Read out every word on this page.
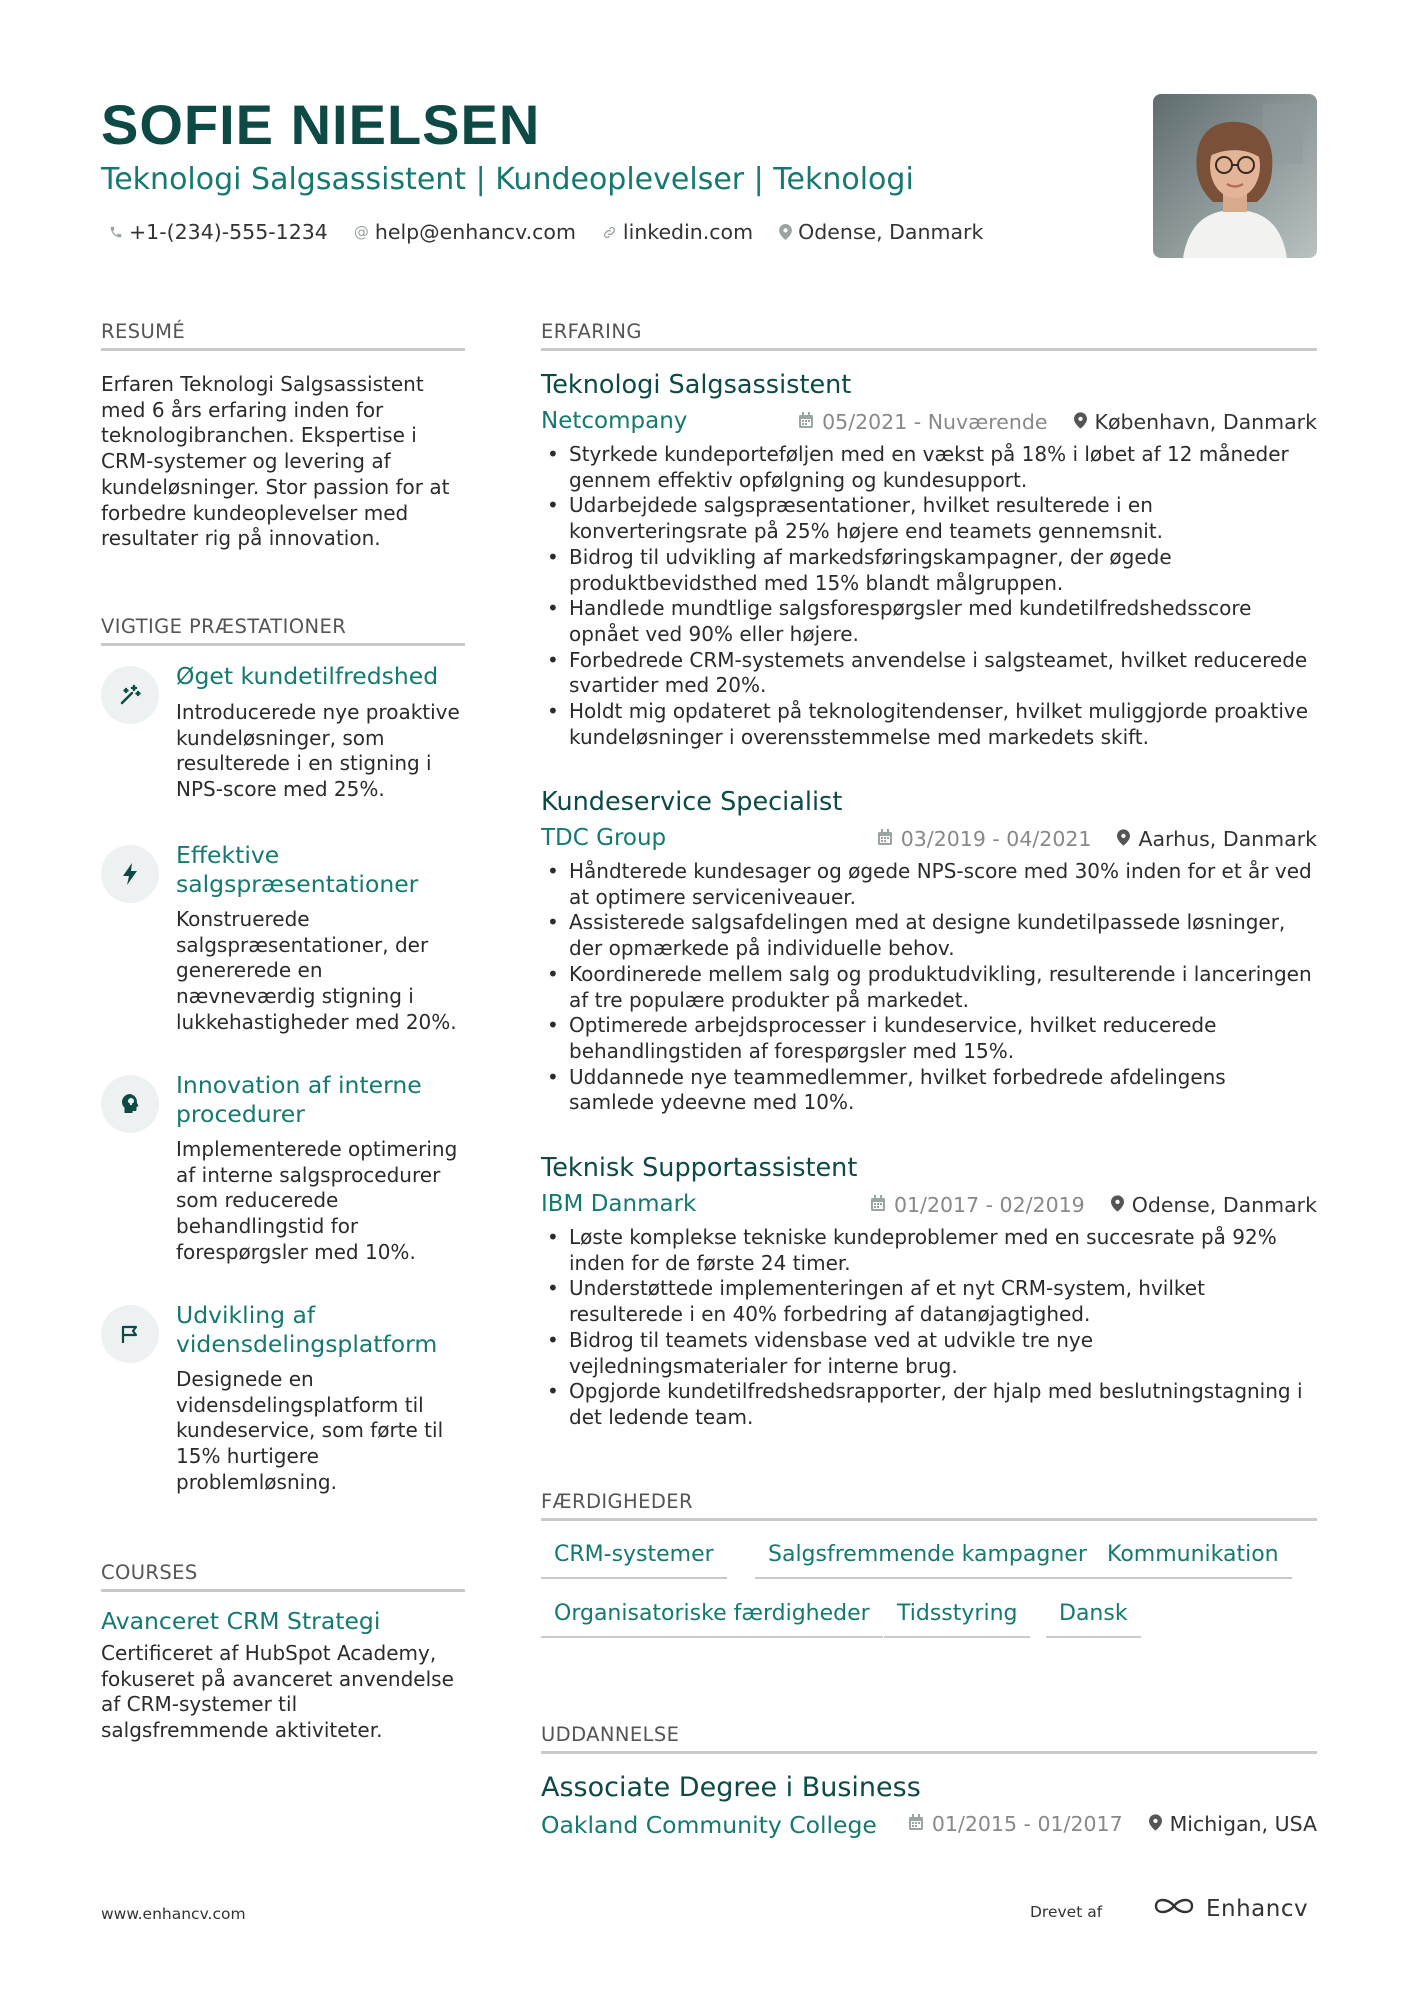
SOFIE NIELSEN
Teknologi Salgsassistent | Kundeoplevelser | Teknologi
+1-(234)-555-1234 @ help@enhancv.com linkedin.com Odense, Danmark
RESUMÉ
Erfaren Teknologi Salgsassistent med 6 års erfaring inden for teknologibranchen. Ekspertise i CRM-systemer og levering af kundeløsninger. Stor passion for at forbedre kundeoplevelser med resultater rig på innovation.
VIGTIGE PRÆSTATIONER
Øget kundetilfredshed
Introducerede nye proaktive kundeløsninger, som resulterede i en stigning i NPS-score med 25%.
Effektive salgspræsentationer
Konstruerede salgspræsentationer, der genererede en nævneværdig stigning i lukkehastigheder med 20%.
Innovation af interne procedurer
Implementerede optimering af interne salgsprocedurer som reducerede behandlingstid for forespørgsler med 10%.
Udvikling af vidensdelingsplatform
Designede en vidensdelingsplatform til kundeservice, som førte til 15% hurtigere problemløsning.
COURSES
Avanceret CRM Strategi
Certificeret af HubSpot Academy, fokuseret på avanceret anvendelse af CRM-systemer til salgsfremmende aktiviteter.
ERFARING
Teknologi Salgsassistent
Netcompany	05/2021 - Nuværende København, Danmark
• Styrkede kundeporteføljen med en vækst på 18% i løbet af 12 måneder gennem effektiv opfølgning og kundesupport.
• Udarbejdede salgspræsentationer, hvilket resulterede i en konverteringsrate på 25% højere end teamets gennemsnit.
• Bidrog til udvikling af markedsføringskampagner, der øgede produktbevidsthed med 15% blandt målgruppen.
• Handlede mundtlige salgsforespørgsler med kundetilfredshedsscore opnået ved 90% eller højere.
• Forbedrede CRM-systemets anvendelse i salgsteamet, hvilket reducerede svartider med 20%.
• Holdt mig opdateret på teknologitendenser, hvilket muliggjorde proaktive kundeløsninger i overensstemmelse med markedets skift.
Kundeservice Specialist
TDC Group	03/2019 - 04/2021 Aarhus, Danmark
• Håndterede kundesager og øgede NPS-score med 30% inden for et år ved at optimere serviceniveauer.
• Assisterede salgsafdelingen med at designe kundetilpassede løsninger, der opmærkede på individuelle behov.
• Koordinerede mellem salg og produktudvikling, resulterende i lanceringen af tre populære produkter på markedet.
• Optimerede arbejdsprocesser i kundeservice, hvilket reducerede behandlingstiden af forespørgsler med 15%.
• Uddannede nye teammedlemmer, hvilket forbedrede afdelingens samlede ydeevne med 10%.
Teknisk Supportassistent
IBM Danmark	01/2017 - 02/2019 Odense, Danmark
• Løste komplekse tekniske kundeproblemer med en succesrate på 92% inden for de første 24 timer.
• Understøttede implementeringen af et nyt CRM-system, hvilket resulterede i en 40% forbedring af datanøjagtighed.
• Bidrog til teamets vidensbase ved at udvikle tre nye vejledningsmaterialer for interne brug.
• Opgjorde kundetilfredshedsrapporter, der hjalp med beslutningstagning i det ledende team.
FÆRDIGHEDER
CRM-systemer	Salgsfremmende kampagner Kommunikation
Organisatoriske færdigheder	Tidsstyring	Dansk
UDDANNELSE
Associate Degree i Business
Oakland Community College	01/2015 - 01/2017 Michigan, USA
www.enhancv.com	Drevet af	Enhancv
